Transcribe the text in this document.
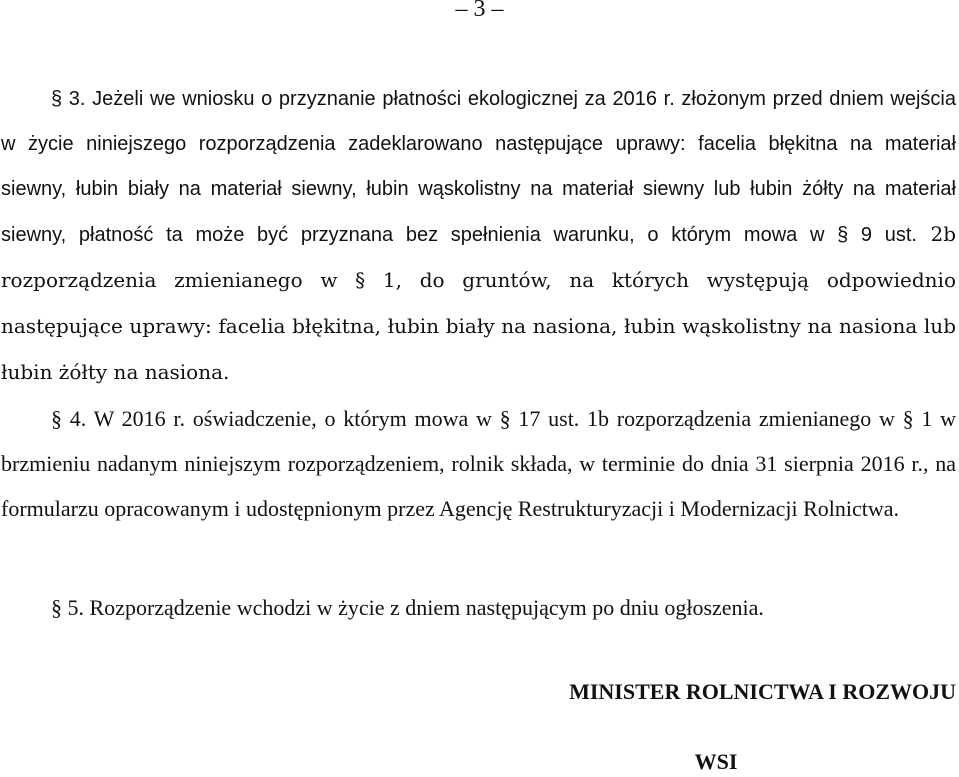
– 3 –

§ 3. Jeżeli we wniosku o przyznanie płatności ekologicznej za 2016 r. złożonym przed dniem wejścia w życie niniejszego rozporządzenia zadeklarowano następujące uprawy: facelia błękitna na materiał siewny, łubin biały na materiał siewny, łubin wąskolistny na materiał siewny lub łubin żółty na materiał siewny, płatność ta może być przyznana bez spełnienia warunku, o którym mowa w § 9 ust. 2b rozporządzenia zmienianego w § 1, do gruntów, na których występują odpowiednio następujące uprawy: facelia błękitna, łubin biały na nasiona, łubin wąskolistny na nasiona lub łubin żółty na nasiona.

§ 4. W 2016 r. oświadczenie, o którym mowa w § 17 ust. 1b rozporządzenia zmienianego w § 1 w brzmieniu nadanym niniejszym rozporządzeniem, rolnik składa, w terminie do dnia 31 sierpnia 2016 r., na formularzu opracowanym i udostępnionym przez Agencję Restrukturyzacji i Modernizacji Rolnictwa.

§ 5. Rozporządzenie wchodzi w życie z dniem następującym po dniu ogłoszenia.

MINISTER ROLNICTWA I ROZWOJU
WSI
